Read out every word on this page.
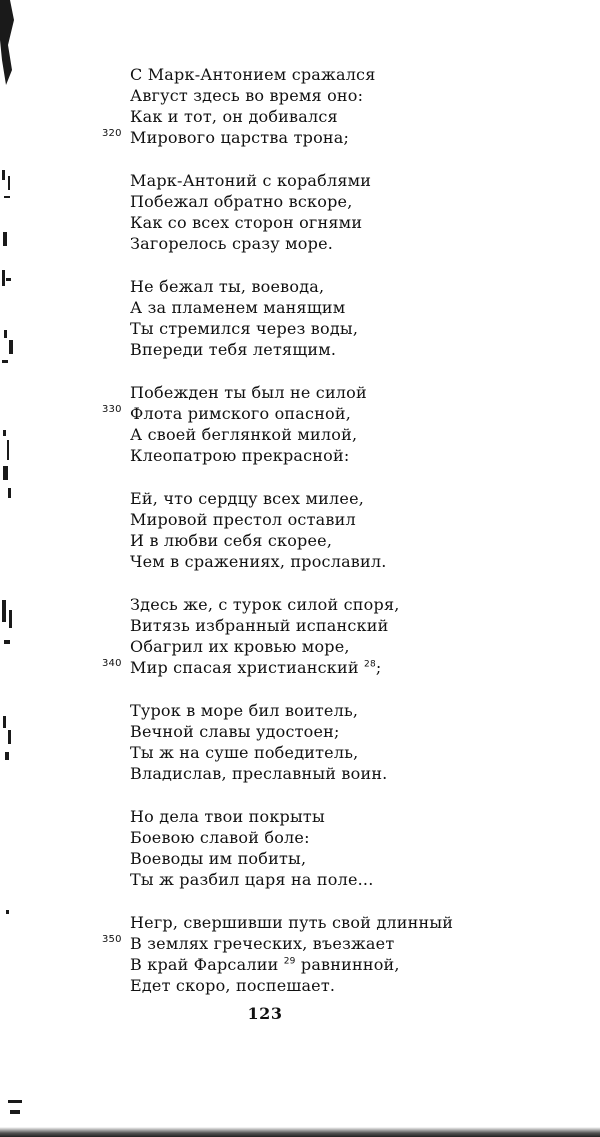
С Марк-Антонием сражался
Август здесь во время оно:
Как и тот, он добивался
320 Мирового царства трона;
Марк-Антоний с кораблями
Побежал обратно вскоре,
Как со всех сторон огнями
Загорелось сразу море.
Не бежал ты, воевода,
А за пламенем манящим
Ты стремился через воды,
Впереди тебя летящим.
Побежден ты был не силой
330 Флота римского опасной,
А своей беглянкой милой,
Клеопатрою прекрасной:
Ей, что сердцу всех милее,
Мировой престол оставил
И в любви себя скорее,
Чем в сражениях, прославил.
Здесь же, с турок силой споря,
Витязь избранный испанский
Обагрил их кровью море,
340 Мир спасая христианский $^{28}$;
Турок в море бил воитель,
Вечной славы удостоен;
Ты ж на суше победитель,
Владислав, преславный воин.
Но дела твои покрыты
Боевою славой боле:
Воеводы им побиты,
Ты ж разбил царя на поле...
Негр, свершивши путь свой длинный
350 В землях греческих, въезжает
В край Фарсалии $^{29}$ равнинной,
Едет скоро, поспешает.
123
